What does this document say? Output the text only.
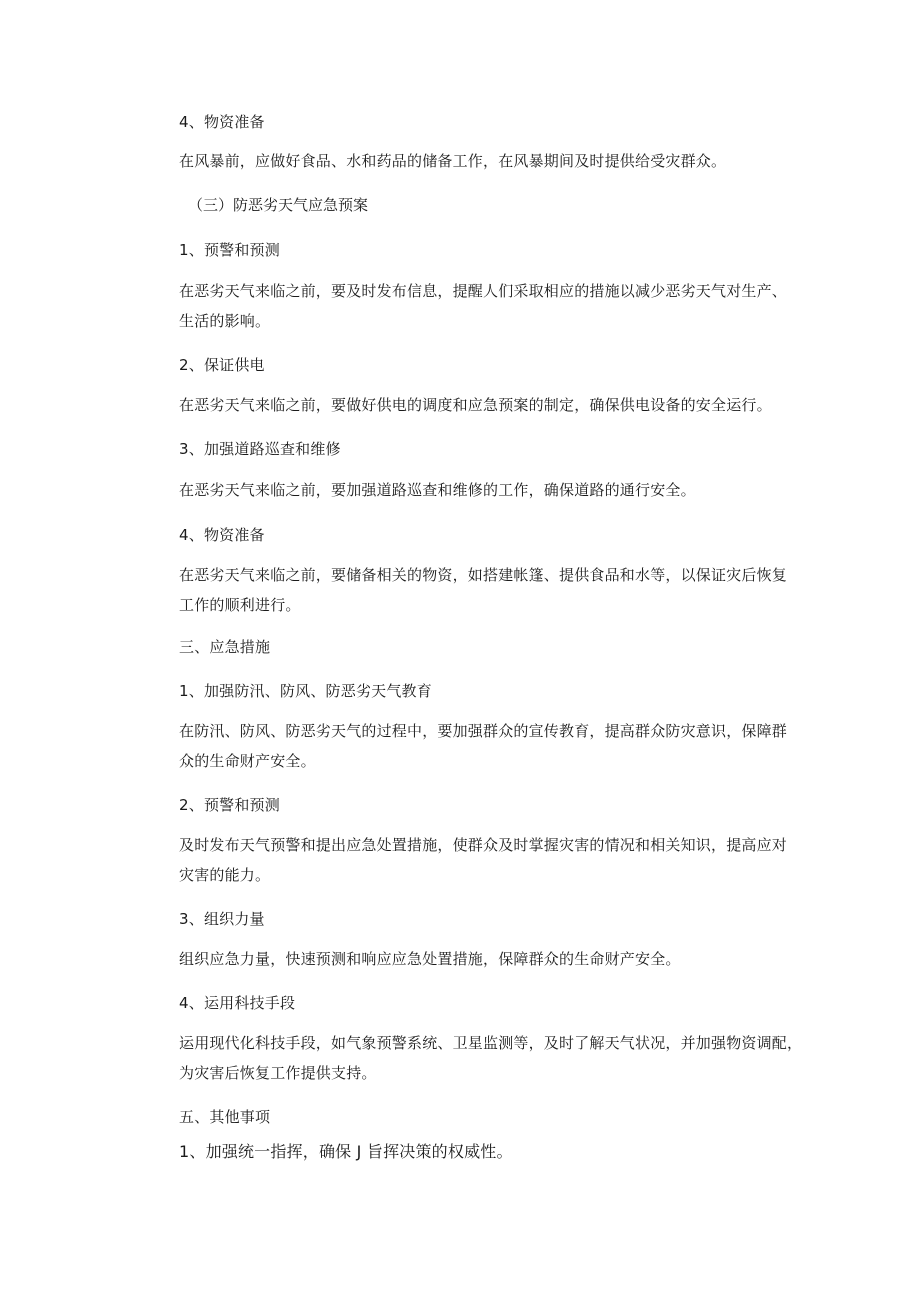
4、物资准备
在风暴前，应做好食品、水和药品的储备工作，在风暴期间及时提供给受灾群众。
（三）防恶劣天气应急预案
1、预警和预测
在恶劣天气来临之前，要及时发布信息，提醒人们采取相应的措施以减少恶劣天气对生产、
生活的影响。
2、保证供电
在恶劣天气来临之前，要做好供电的调度和应急预案的制定，确保供电设备的安全运行。
3、加强道路巡查和维修
在恶劣天气来临之前，要加强道路巡查和维修的工作，确保道路的通行安全。
4、物资准备
在恶劣天气来临之前，要储备相关的物资，如搭建帐篷、提供食品和水等，以保证灾后恢复
工作的顺利进行。
三、应急措施
1、加强防汛、防风、防恶劣天气教育
在防汛、防风、防恶劣天气的过程中，要加强群众的宣传教育，提高群众防灾意识，保障群
众的生命财产安全。
2、预警和预测
及时发布天气预警和提出应急处置措施，使群众及时掌握灾害的情况和相关知识，提高应对
灾害的能力。
3、组织力量
组织应急力量，快速预测和响应应急处置措施，保障群众的生命财产安全。
4、运用科技手段
运用现代化科技手段，如气象预警系统、卫星监测等，及时了解天气状况，并加强物资调配，
为灾害后恢复工作提供支持。
五、其他事项
1、加强统一指挥，确保 J 旨挥决策的权威性。
